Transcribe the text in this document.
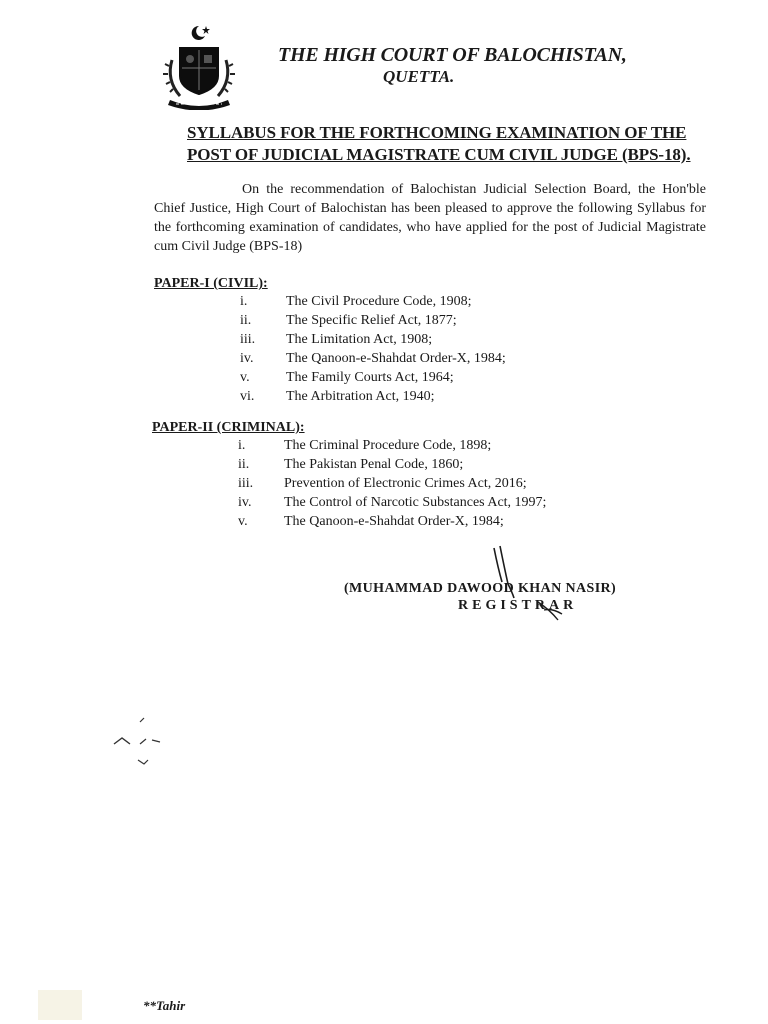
THE HIGH COURT OF BALOCHISTAN,
QUETTA.
SYLLABUS FOR THE FORTHCOMING EXAMINATION OF THE
POST OF JUDICIAL MAGISTRATE CUM CIVIL JUDGE (BPS-18).
On the recommendation of Balochistan Judicial Selection Board, the Hon'ble Chief Justice, High Court of Balochistan has been pleased to approve the following Syllabus for the forthcoming examination of candidates, who have applied for the post of Judicial Magistrate cum Civil Judge (BPS-18)
PAPER-I (CIVIL):
i.	The Civil Procedure Code, 1908;
ii. The Specific Relief Act, 1877;
iii. The Limitation Act, 1908;
iv. The Qanoon-e-Shahdat Order-X, 1984;
v.	The Family Courts Act, 1964;
vi. The Arbitration Act, 1940;
PAPER-II (CRIMINAL):
i.	The Criminal Procedure Code, 1898;
ii. The Pakistan Penal Code, 1860;
iii. Prevention of Electronic Crimes Act, 2016;
iv. The Control of Narcotic Substances Act, 1997;
v.	The Qanoon-e-Shahdat Order-X, 1984;
(MUHAMMAD DAWOOD KHAN NASIR)
REGISTRAR
**Tahir
